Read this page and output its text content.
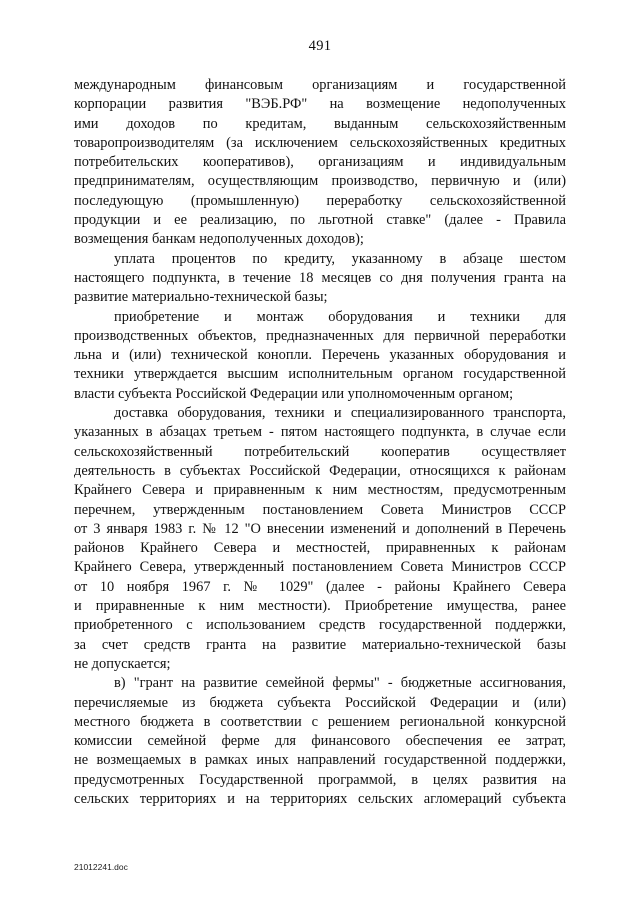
491
международным финансовым организациям и государственной
корпорации развития "ВЭБ.РФ" на возмещение недополученных
ими доходов по кредитам, выданным сельскохозяйственным
товаропроизводителям (за исключением сельскохозяйственных кредитных
потребительских кооперативов), организациям и индивидуальным
предпринимателям, осуществляющим производство, первичную и (или)
последующую (промышленную) переработку сельскохозяйственной
продукции и ее реализацию, по льготной ставке" (далее - Правила
возмещения банкам недополученных доходов);
уплата процентов по кредиту, указанному в абзаце шестом
настоящего подпункта, в течение 18 месяцев со дня получения гранта на
развитие материально-технической базы;
приобретение и монтаж оборудования и техники для
производственных объектов, предназначенных для первичной переработки
льна и (или) технической конопли. Перечень указанных оборудования и
техники утверждается высшим исполнительным органом государственной
власти субъекта Российской Федерации или уполномоченным органом;
доставка оборудования, техники и специализированного транспорта,
указанных в абзацах третьем - пятом настоящего подпункта, в случае если
сельскохозяйственный потребительский кооператив осуществляет
деятельность в субъектах Российской Федерации, относящихся к районам
Крайнего Севера и приравненным к ним местностям, предусмотренным
перечнем, утвержденным постановлением Совета Министров СССР
от 3 января 1983 г. № 12 "О внесении изменений и дополнений в Перечень
районов Крайнего Севера и местностей, приравненных к районам
Крайнего Севера, утвержденный постановлением Совета Министров СССР
от 10 ноября 1967 г. № 1029" (далее - районы Крайнего Севера
и приравненные к ним местности). Приобретение имущества, ранее
приобретенного с использованием средств государственной поддержки,
за счет средств гранта на развитие материально-технической базы
не допускается;
в) "грант на развитие семейной фермы" - бюджетные ассигнования,
перечисляемые из бюджета субъекта Российской Федерации и (или)
местного бюджета в соответствии с решением региональной конкурсной
комиссии семейной ферме для финансового обеспечения ее затрат,
не возмещаемых в рамках иных направлений государственной поддержки,
предусмотренных Государственной программой, в целях развития на
сельских территориях и на территориях сельских агломераций субъекта
21012241.doc
